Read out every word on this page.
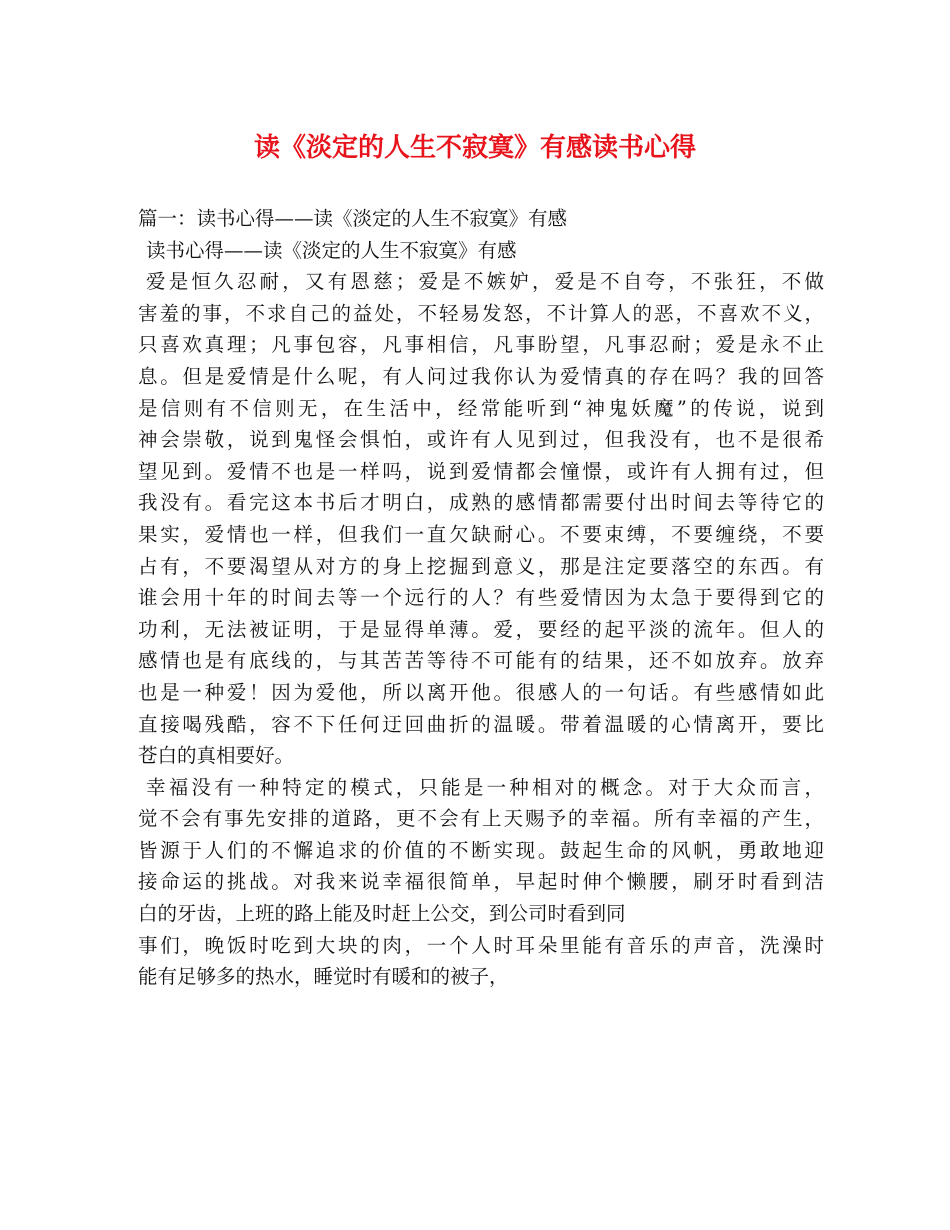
读《淡定的人生不寂寞》有感读书心得
篇一：读书心得——读《淡定的人生不寂寞》有感
读书心得——读《淡定的人生不寂寞》有感
爱是恒久忍耐，又有恩慈；爱是不嫉妒，爱是不自夸，不张狂，不做
害羞的事，不求自己的益处，不轻易发怒，不计算人的恶，不喜欢不义，
只喜欢真理；凡事包容，凡事相信，凡事盼望，凡事忍耐；爱是永不止
息。但是爱情是什么呢，有人问过我你认为爱情真的存在吗？我的回答
是信则有不信则无，在生活中，经常能听到“神鬼妖魔”的传说，说到
神会崇敬，说到鬼怪会惧怕，或许有人见到过，但我没有，也不是很希
望见到。爱情不也是一样吗，说到爱情都会憧憬，或许有人拥有过，但
我没有。看完这本书后才明白，成熟的感情都需要付出时间去等待它的
果实，爱情也一样，但我们一直欠缺耐心。不要束缚，不要缠绕，不要
占有，不要渴望从对方的身上挖掘到意义，那是注定要落空的东西。有
谁会用十年的时间去等一个远行的人？有些爱情因为太急于要得到它的
功利，无法被证明，于是显得单薄。爱，要经的起平淡的流年。但人的
感情也是有底线的，与其苦苦等待不可能有的结果，还不如放弃。放弃
也是一种爱！因为爱他，所以离开他。很感人的一句话。有些感情如此
直接喝残酷，容不下任何迂回曲折的温暖。带着温暖的心情离开，要比
苍白的真相要好。
幸福没有一种特定的模式，只能是一种相对的概念。对于大众而言，
觉不会有事先安排的道路，更不会有上天赐予的幸福。所有幸福的产生，
皆源于人们的不懈追求的价值的不断实现。鼓起生命的风帆，勇敢地迎
接命运的挑战。对我来说幸福很简单，早起时伸个懒腰，刷牙时看到洁
白的牙齿，上班的路上能及时赶上公交，到公司时看到同
事们，晚饭时吃到大块的肉，一个人时耳朵里能有音乐的声音，洗澡时
能有足够多的热水，睡觉时有暖和的被子，
